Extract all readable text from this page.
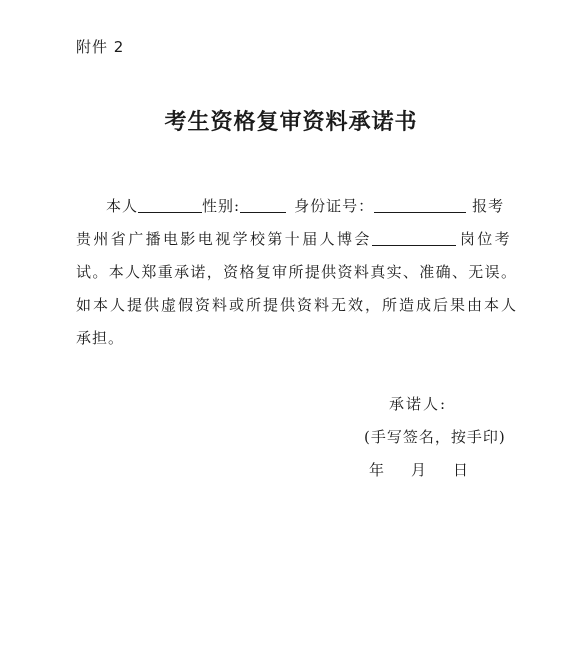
附件 2
考生资格复审资料承诺书
本人	性别:	身份证号：	报考
贵州省广播电影电视学校第十届人博会	岗位考
试。本人郑重承诺，资格复审所提供资料真实、准确、无误。
如本人提供虚假资料或所提供资料无效，所造成后果由本人
承担。
承诺人:
(手写签名，按手印)
年 月 日
